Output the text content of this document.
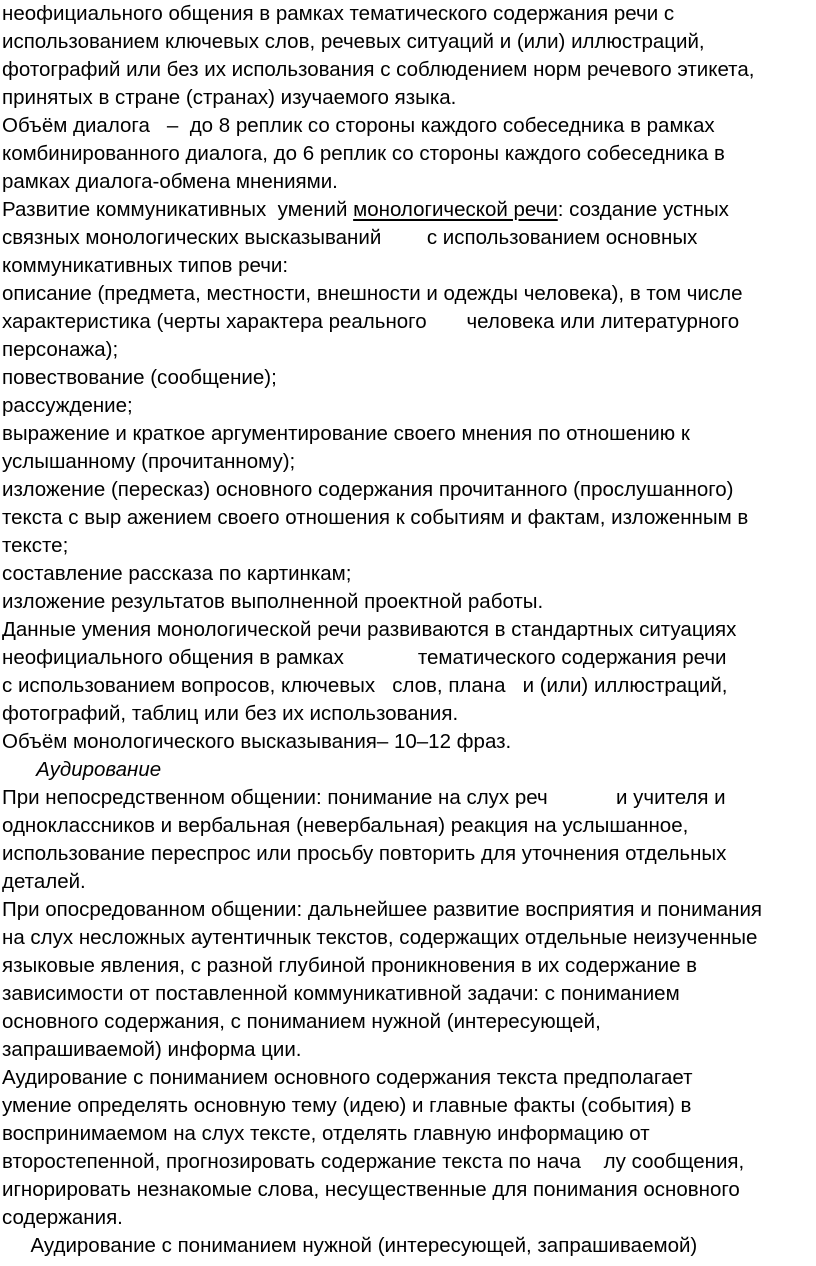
неофициального общения в рамках тематического содержания речи с
использованием ключевых слов, речевых ситуаций и (или) иллюстраций,
фотографий или без их использования с соблюдением норм речевого этикета,
принятых в стране (странах) изучаемого языка.
Объём диалога   –  до 8 реплик со стороны каждого собеседника в рамках
комбинированного диалога, до 6 реплик со стороны каждого собеседника в
рамках диалога-обмена мнениями.
Развитие коммуникативных  умений монологической речи: создание устных
связных монологических высказываний        с использованием основных
коммуникативных типов речи:
описание (предмета, местности, внешности и одежды человека), в том числе
характеристика (черты характера реального       человека или литературного
персонажа);
повествование (сообщение);
рассуждение;
выражение и краткое аргументирование своего мнения по отношению к
услышанному (прочитанному);
изложение (пересказ) основного содержания прочитанного (прослушанного)
текста с выр ажением своего отношения к событиям и фактам, изложенным в
тексте;
составление рассказа по картинкам;
изложение результатов выполненной проектной работы.
Данные умения монологической речи развиваются в стандартных ситуациях
неофициального общения в рамках             тематического содержания речи
с использованием вопросов, ключевых   слов, плана   и (или) иллюстраций,
фотографий, таблиц или без их использования.
Объём монологического высказывания– 10–12 фраз.
Аудирование
При непосредственном общении: понимание на слух реч            и учителя и
одноклассников и вербальная (невербальная) реакция на услышанное,
использование переспрос или просьбу повторить для уточнения отдельных
деталей.
При опосредованном общении: дальнейшее развитие восприятия и понимания
на слух несложных аутентичнык текстов, содержащих отдельные неизученные
языковые явления, с разной глубиной проникновения в их содержание в
зависимости от поставленной коммуникативной задачи: с пониманием
основного содержания, с пониманием нужной (интересующей,
запрашиваемой) информа ции.
Аудирование с пониманием основного содержания текста предполагает
умение определять основную тему (идею) и главные факты (события) в
воспринимаемом на слух тексте, отделять главную информацию от
второстепенной, прогнозировать содержание текста по нача    лу сообщения,
игнорировать незнакомые слова, несущественные для понимания основного
содержания.
Аудирование с пониманием нужной (интересующей, запрашиваемой)
